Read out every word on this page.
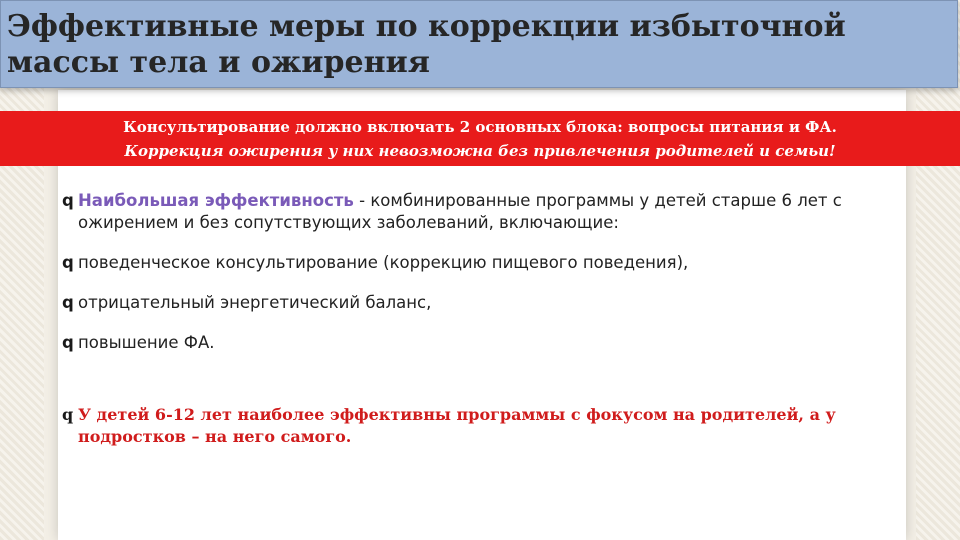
Эффективные меры по коррекции избыточной массы тела и ожирения
Консультирование должно включать 2 основных блока: вопросы питания и ФА.
Коррекция ожирения у них невозможна без привлечения родителей и семьи!

q Наибольшая эффективность - комбинированные программы у детей старше 6 лет с ожирением и без сопутствующих заболеваний, включающие:

q поведенческое консультирование (коррекцию пищевого поведения),

q отрицательный энергетический баланс,

q повышение ФА.

q У детей 6-12 лет наиболее эффективны программы с фокусом на родителей, а у подростков – на него самого.
